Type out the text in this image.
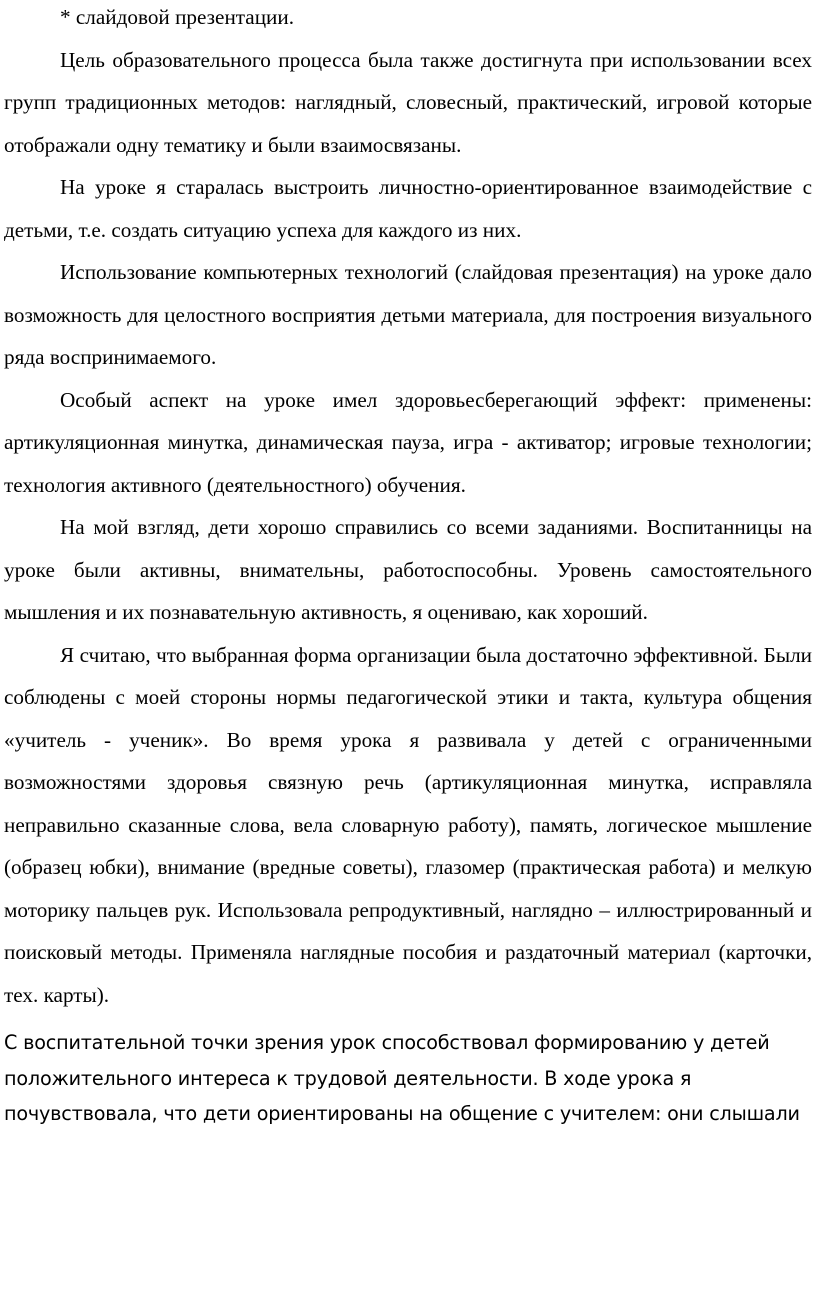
* слайдовой презентации.

Цель образовательного процесса была также достигнута при использовании всех групп традиционных методов: наглядный, словесный, практический, игровой которые отображали одну тематику и были взаимосвязаны.

На уроке я старалась выстроить личностно-ориентированное взаимодействие с детьми, т.е. создать ситуацию успеха для каждого из них.

Использование компьютерных технологий (слайдовая презентация) на уроке дало возможность для целостного восприятия детьми материала, для построения визуального ряда воспринимаемого.

Особый аспект на уроке имел здоровьесберегающий эффект: применены: артикуляционная минутка, динамическая пауза, игра - активатор; игровые технологии; технология активного (деятельностного) обучения.

На мой взгляд, дети хорошо справились со всеми заданиями. Воспитанницы на уроке были активны, внимательны, работоспособны. Уровень самостоятельного мышления и их познавательную активность, я оцениваю, как хороший.

Я считаю, что выбранная форма организации была достаточно эффективной. Были соблюдены с моей стороны нормы педагогической этики и такта, культура общения «учитель - ученик». Во время урока я развивала у детей с ограниченными возможностями здоровья связную речь (артикуляционная минутка, исправляла неправильно сказанные слова, вела словарную работу), память, логическое мышление (образец юбки), внимание (вредные советы), глазомер (практическая работа) и мелкую моторику пальцев рук. Использовала репродуктивный, наглядно – иллюстрированный и поисковый методы. Применяла наглядные пособия и раздаточный материал (карточки, тех. карты).

С воспитательной точки зрения урок способствовал формированию у детей положительного интереса к трудовой деятельности. В ходе урока я почувствовала, что дети ориентированы на общение с учителем: они слышали
